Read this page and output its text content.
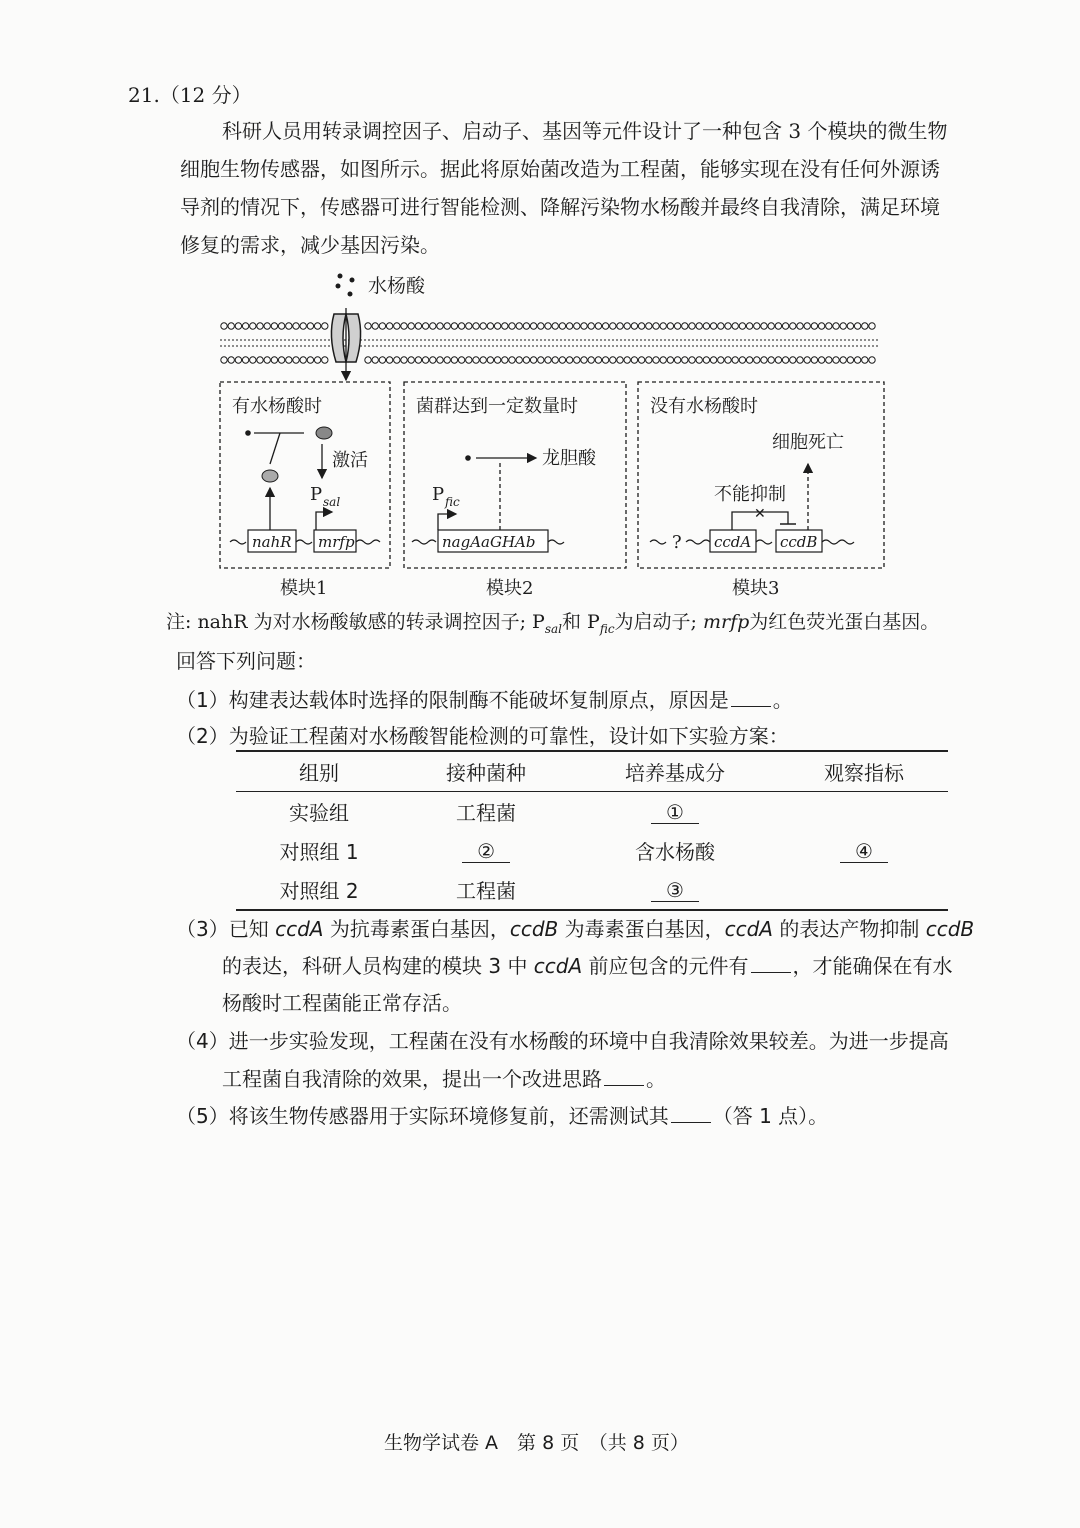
21.（12 分）
科研人员用转录调控因子、启动子、基因等元件设计了一种包含 3 个模块的微生物
细胞生物传感器，如图所示。据此将原始菌改造为工程菌，能够实现在没有任何外源诱
导剂的情况下，传感器可进行智能检测、降解污染物水杨酸并最终自我清除，满足环境
修复的需求，减少基因污染。
水杨酸
有水杨酸时
激活
P sal
nahR mrfp
模块1
菌群达到一定数量时
龙胆酸
P fic
nagAaGHAb
模块2
没有水杨酸时
细胞死亡
不能抑制
✕
? ccdA ccdB
模块3
注: nahR 为对水杨酸敏感的转录调控因子; $P_{sal}$和 $P_{fic}$为启动子; mrfp为红色荧光蛋白基因。
回答下列问题：
（1）构建表达载体时选择的限制酶不能破坏复制原点，原因是 。
（2）为验证工程菌对水杨酸智能检测的可靠性，设计如下实验方案：
组别	接种菌种	培养基成分	观察指标
实验组	工程菌	①	
对照组 1	②	含水杨酸	④
对照组 2	工程菌	③	
（3）已知 ccdA 为抗毒素蛋白基因，ccdB 为毒素蛋白基因，ccdA 的表达产物抑制 ccdB
的表达，科研人员构建的模块 3 中 ccdA 前应包含的元件有 ，才能确保在有水
杨酸时工程菌能正常存活。
（4）进一步实验发现，工程菌在没有水杨酸的环境中自我清除效果较差。为进一步提高
工程菌自我清除的效果，提出一个改进思路 。
（5）将该生物传感器用于实际环境修复前，还需测试其 （答 1 点）。
生物学试卷 A　第 8 页　（共 8 页）
